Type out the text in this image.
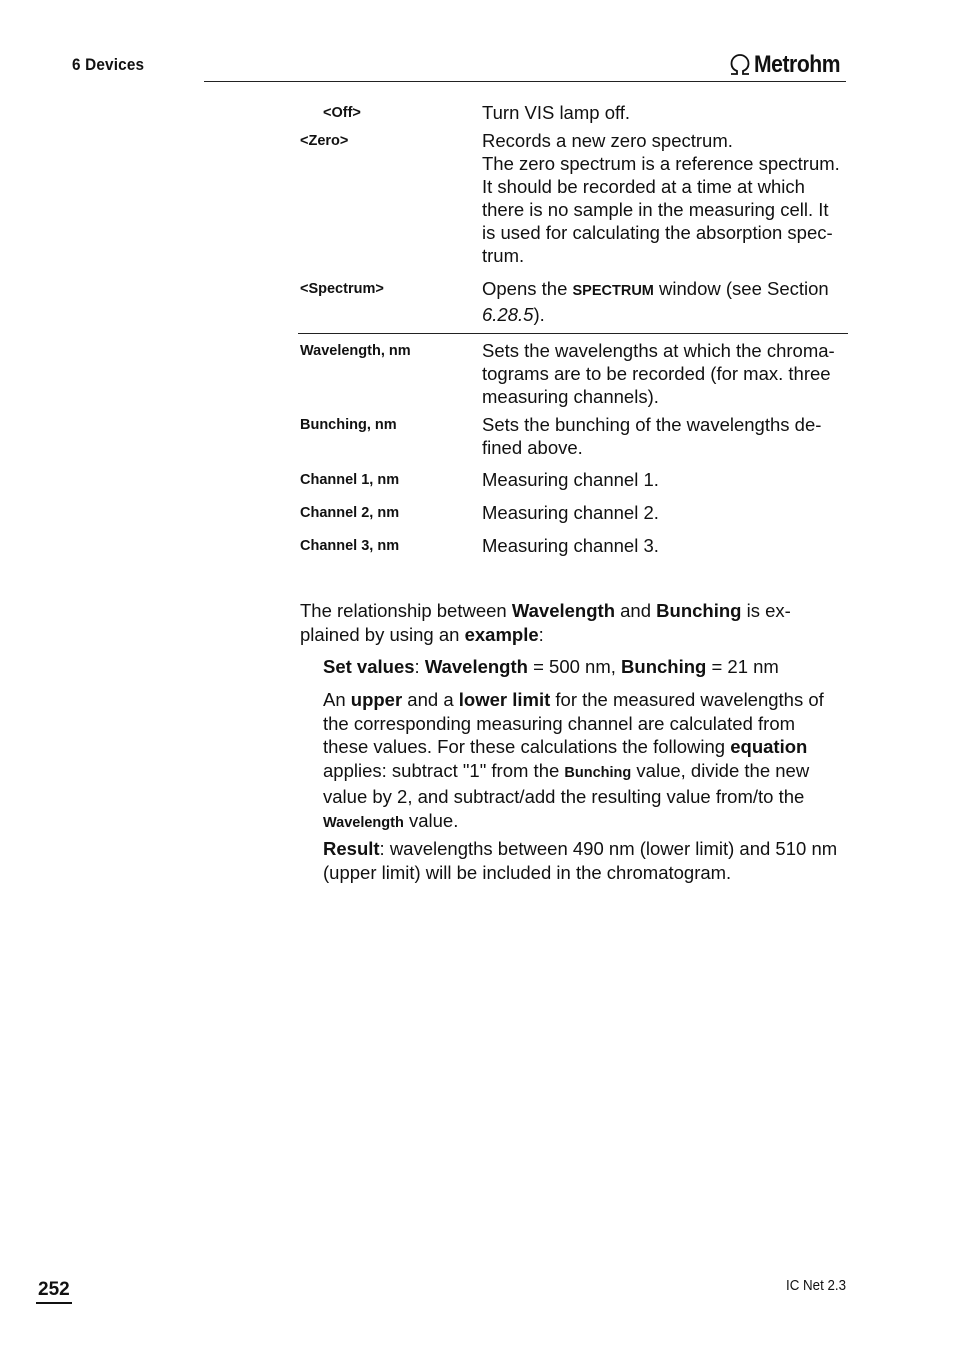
6 Devices	Metrohm
<Off>	Turn VIS lamp off.
<Zero>	Records a new zero spectrum.
The zero spectrum is a reference spectrum.
It should be recorded at a time at which
there is no sample in the measuring cell. It
is used for calculating the absorption spec-
trum.
<Spectrum>	Opens the SPECTRUM window (see Section
6.28.5).
Wavelength, nm	Sets the wavelengths at which the chroma-
tograms are to be recorded (for max. three
measuring channels).
Bunching, nm	Sets the bunching of the wavelengths de-
fined above.
Channel 1, nm	Measuring channel 1.
Channel 2, nm	Measuring channel 2.
Channel 3, nm	Measuring channel 3.
The relationship between Wavelength and Bunching is ex-
plained by using an example:
Set values: Wavelength = 500 nm, Bunching = 21 nm
An upper and a lower limit for the measured wavelengths of
the corresponding measuring channel are calculated from
these values. For these calculations the following equation
applies: subtract "1" from the Bunching value, divide the new
value by 2, and subtract/add the resulting value from/to the
Wavelength value.
Result: wavelengths between 490 nm (lower limit) and 510 nm
(upper limit) will be included in the chromatogram.
252	IC Net 2.3
